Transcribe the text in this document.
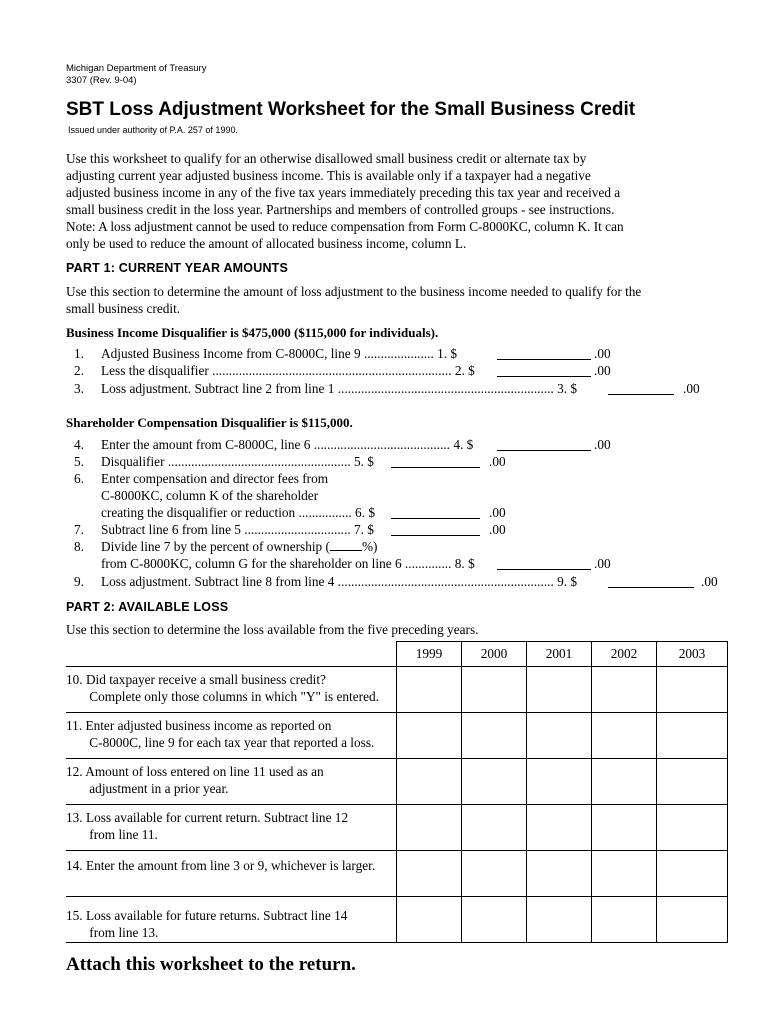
Michigan Department of Treasury
3307 (Rev. 9-04)
SBT Loss Adjustment Worksheet for the Small Business Credit
Issued under authority of P.A. 257 of 1990.
Use this worksheet to qualify for an otherwise disallowed small business credit or alternate tax by
adjusting current year adjusted business income. This is available only if a taxpayer had a negative
adjusted business income in any of the five tax years immediately preceding this tax year and received a
small business credit in the loss year. Partnerships and members of controlled groups - see instructions.
Note: A loss adjustment cannot be used to reduce compensation from Form C-8000KC, column K. It can
only be used to reduce the amount of allocated business income, column L.
PART 1: CURRENT YEAR AMOUNTS
Use this section to determine the amount of loss adjustment to the business income needed to qualify for the
small business credit.
Business Income Disqualifier is $475,000 ($115,000 for individuals).
1. Adjusted Business Income from C-8000C, line 9 ..................... 1. $	.00
2. Less the disqualifier ........................................................................ 2. $	.00
3. Loss adjustment. Subtract line 2 from line 1 ................................................................. 3. $	.00
Shareholder Compensation Disqualifier is $115,000.
4. Enter the amount from C-8000C, line 6 ......................................... 4. $	.00
5. Disqualifier ....................................................... 5. $	.00
6. Enter compensation and director fees from
C-8000KC, column K of the shareholder
creating the disqualifier or reduction ................ 6. $	.00
7. Subtract line 6 from line 5 ................................ 7. $	.00
8. Divide line 7 by the percent of ownership ( %)
from C-8000KC, column G for the shareholder on line 6 .............. 8. $	.00
9. Loss adjustment. Subtract line 8 from line 4 ................................................................. 9. $	.00
PART 2: AVAILABLE LOSS
Use this section to determine the loss available from the five preceding years.
	1999	2000	2001	2002	2003

10. Did taxpayer receive a small business credit?
Complete only those columns in which "Y" is entered.					

11. Enter adjusted business income as reported on
C-8000C, line 9 for each tax year that reported a loss.					

12. Amount of loss entered on line 11 used as an
adjustment in a prior year.					

13. Loss available for current return. Subtract line 12
from line 11.					

14. Enter the amount from line 3 or 9, whichever is larger.					

15. Loss available for future returns. Subtract line 14
from line 13.					

Attach this worksheet to the return.
